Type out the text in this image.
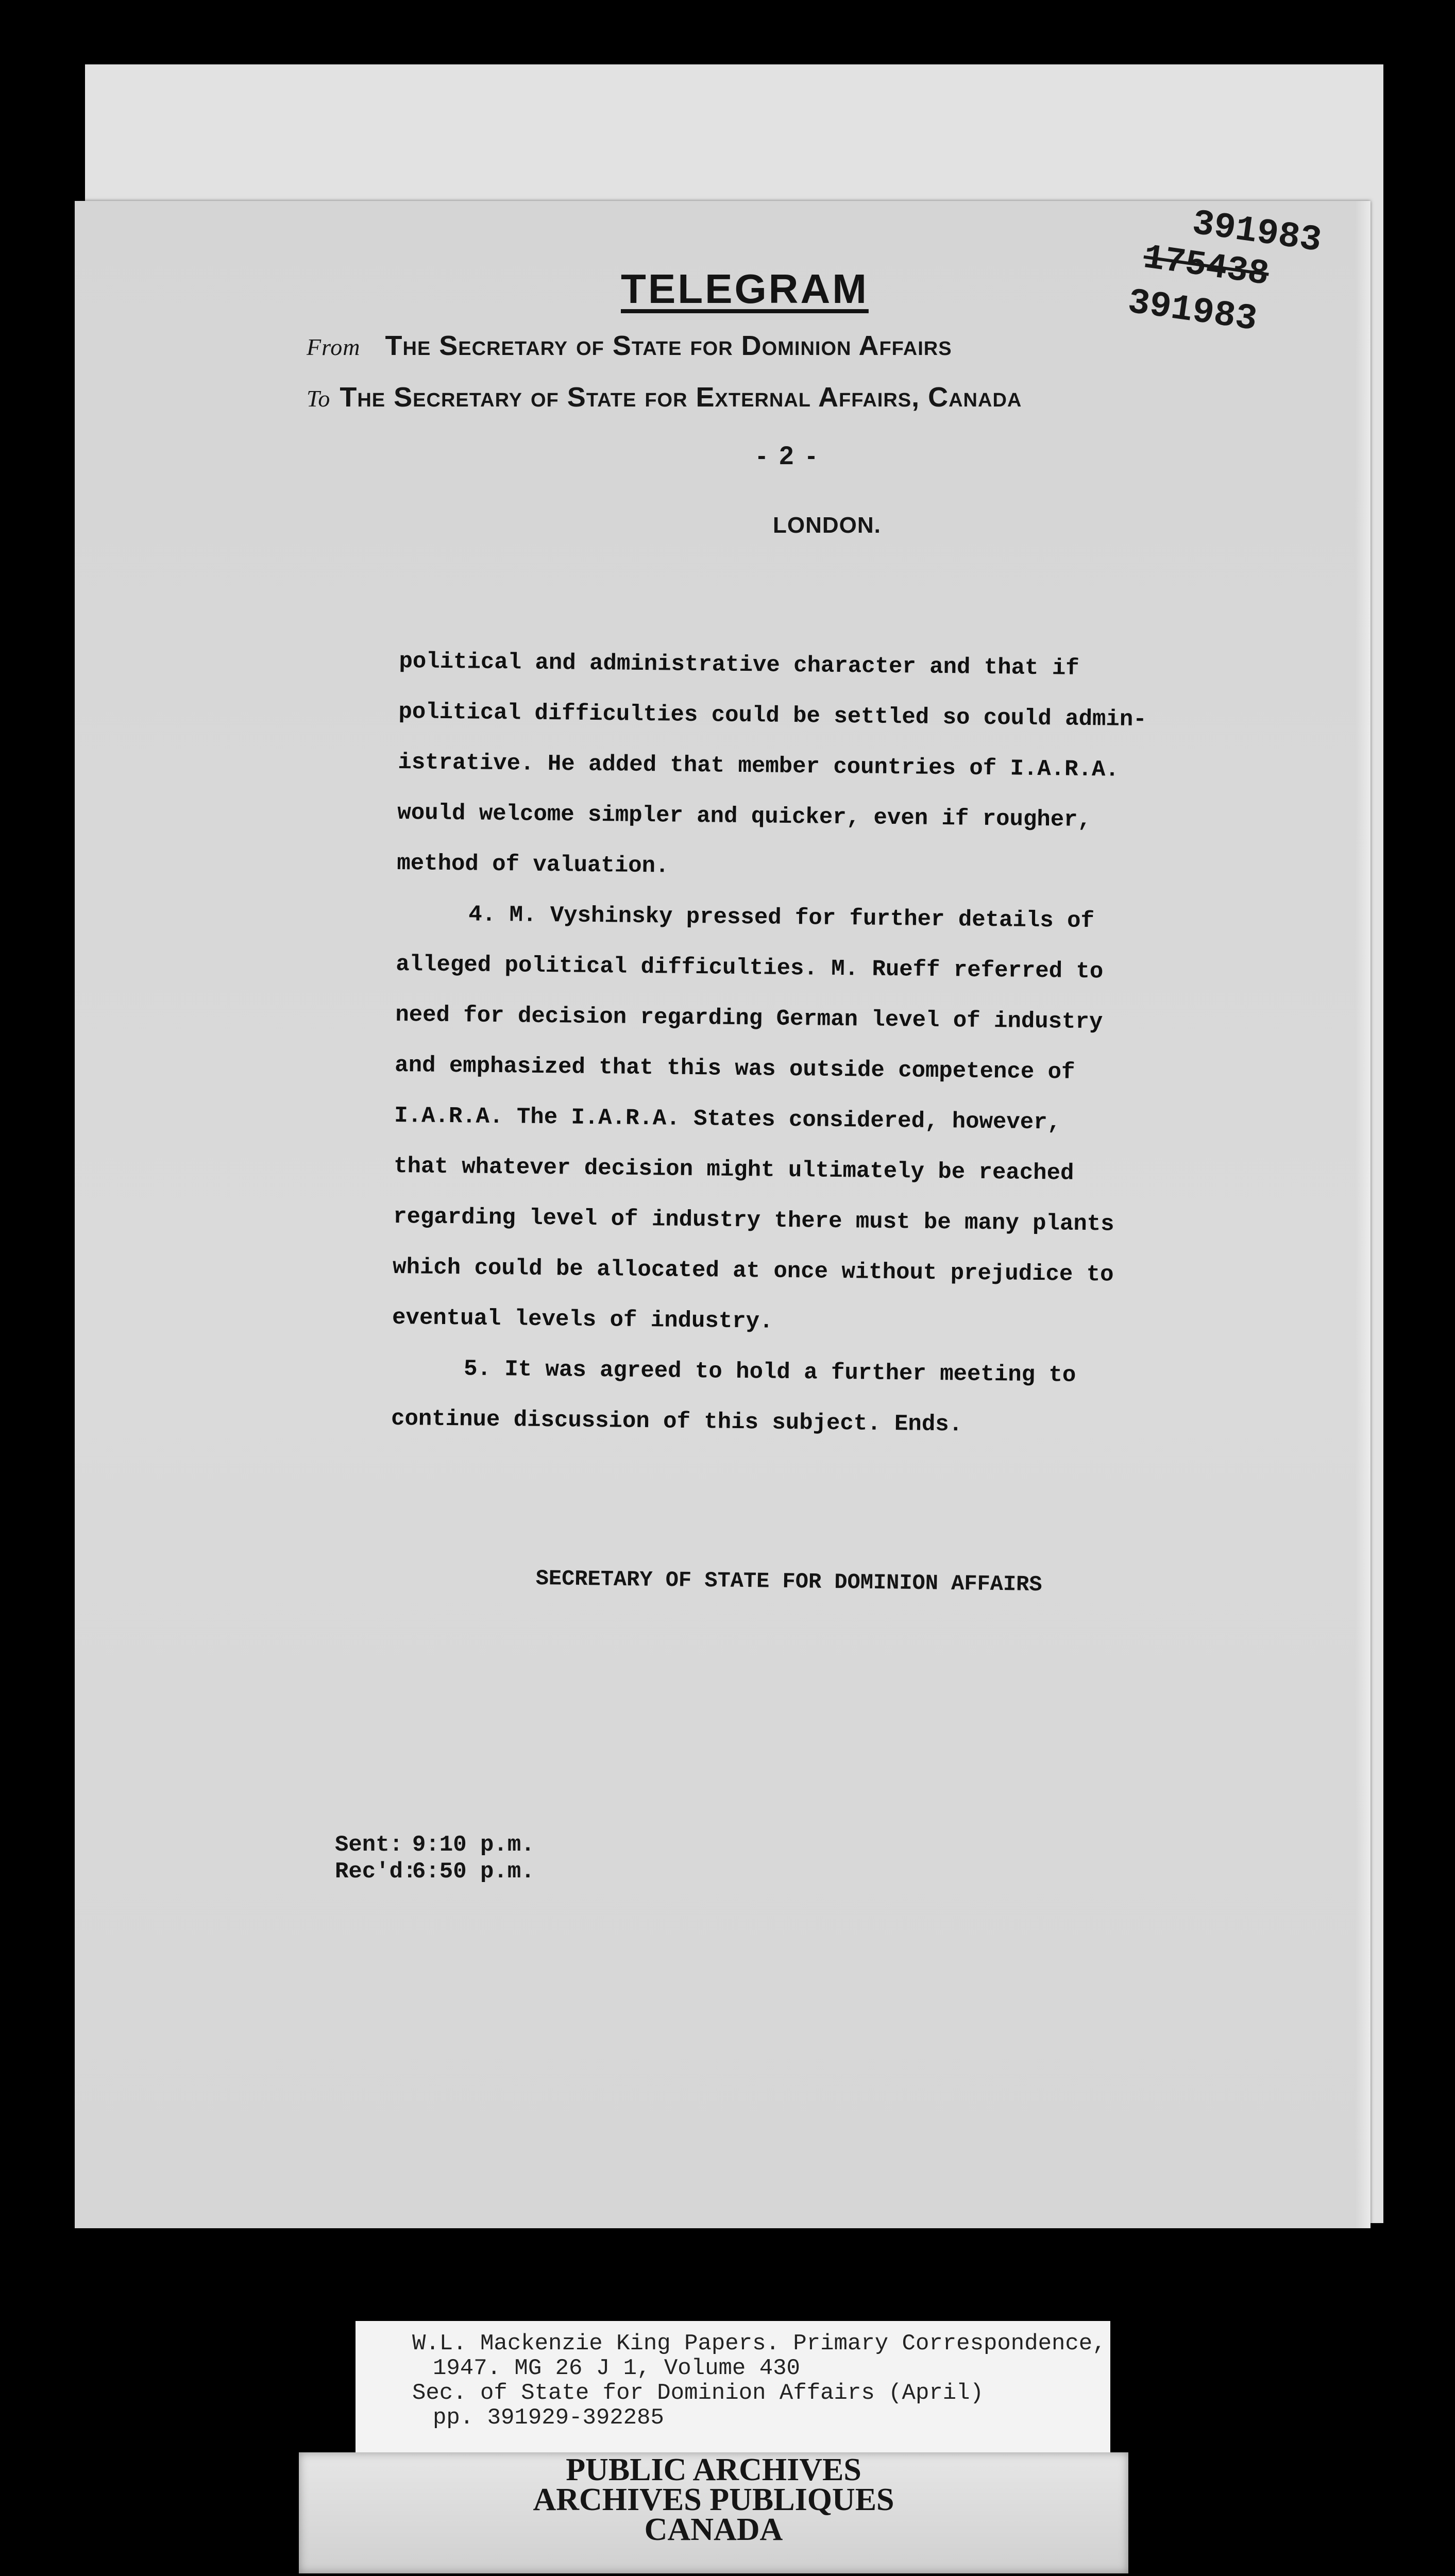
TELEGRAM
From The Secretary of State for Dominion Affairs
To The Secretary of State for External Affairs, Canada
- 2 -
LONDON.
391983
175438
391983
political and administrative character and that if
political difficulties could be settled so could admin-
istrative. He added that member countries of I.A.R.A.
would welcome simpler and quicker, even if rougher,
method of valuation.
4. M. Vyshinsky pressed for further details of
alleged political difficulties. M. Rueff referred to
need for decision regarding German level of industry
and emphasized that this was outside competence of
I.A.R.A. The I.A.R.A. States considered, however,
that whatever decision might ultimately be reached
regarding level of industry there must be many plants
which could be allocated at once without prejudice to
eventual levels of industry.
5. It was agreed to hold a further meeting to
continue discussion of this subject. Ends.
SECRETARY OF STATE FOR DOMINION AFFAIRS
Sent: 9:10 p.m.
Rec'd:6:50 p.m.
W.L. Mackenzie King Papers. Primary Correspondence,
1947. MG 26 J 1, Volume 430
Sec. of State for Dominion Affairs (April)
pp. 391929-392285
PUBLIC ARCHIVES
ARCHIVES PUBLIQUES
CANADA
